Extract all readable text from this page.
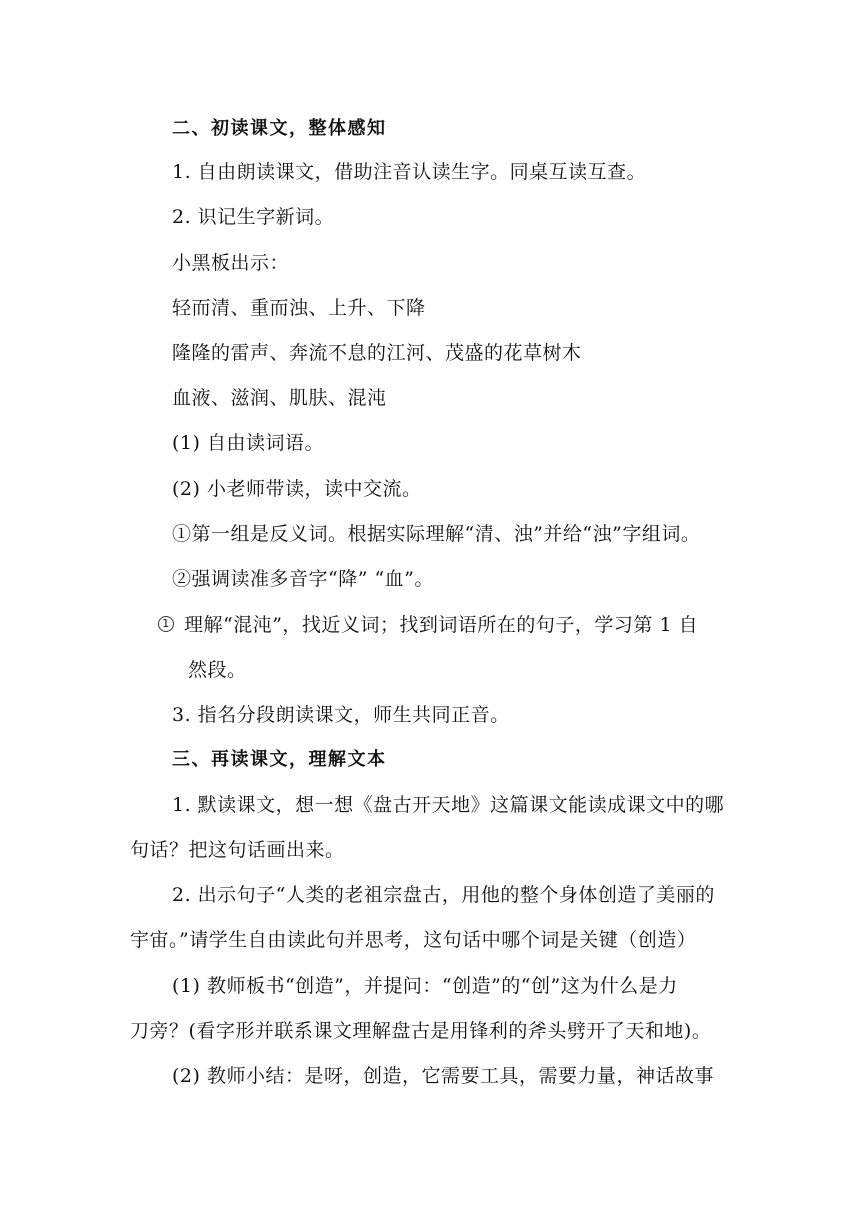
二、初读课文，整体感知
1. 自由朗读课文，借助注音认读生字。同桌互读互查。
2. 识记生字新词。
小黑板出示：
轻而清、重而浊、上升、下降
隆隆的雷声、奔流不息的江河、茂盛的花草树木
血液、滋润、肌肤、混沌
(1) 自由读词语。
(2) 小老师带读，读中交流。
①第一组是反义词。根据实际理解“清、浊”并给“浊”字组词。
②强调读准多音字“降” “血”。
1 理解“混沌”，找近义词；找到词语所在的句子，学习第 1 自
然段。
3. 指名分段朗读课文，师生共同正音。
三、再读课文，理解文本
1. 默读课文，想一想《盘古开天地》这篇课文能读成课文中的哪
句话？把这句话画出来。
2. 出示句子“人类的老祖宗盘古，用他的整个身体创造了美丽的
宇宙。”请学生自由读此句并思考，这句话中哪个词是关键（创造）
(1) 教师板书“创造”，并提问：“创造”的“创”这为什么是力
刀旁？(看字形并联系课文理解盘古是用锋利的斧头劈开了天和地)。
(2) 教师小结：是呀，创造，它需要工具，需要力量，神话故事
